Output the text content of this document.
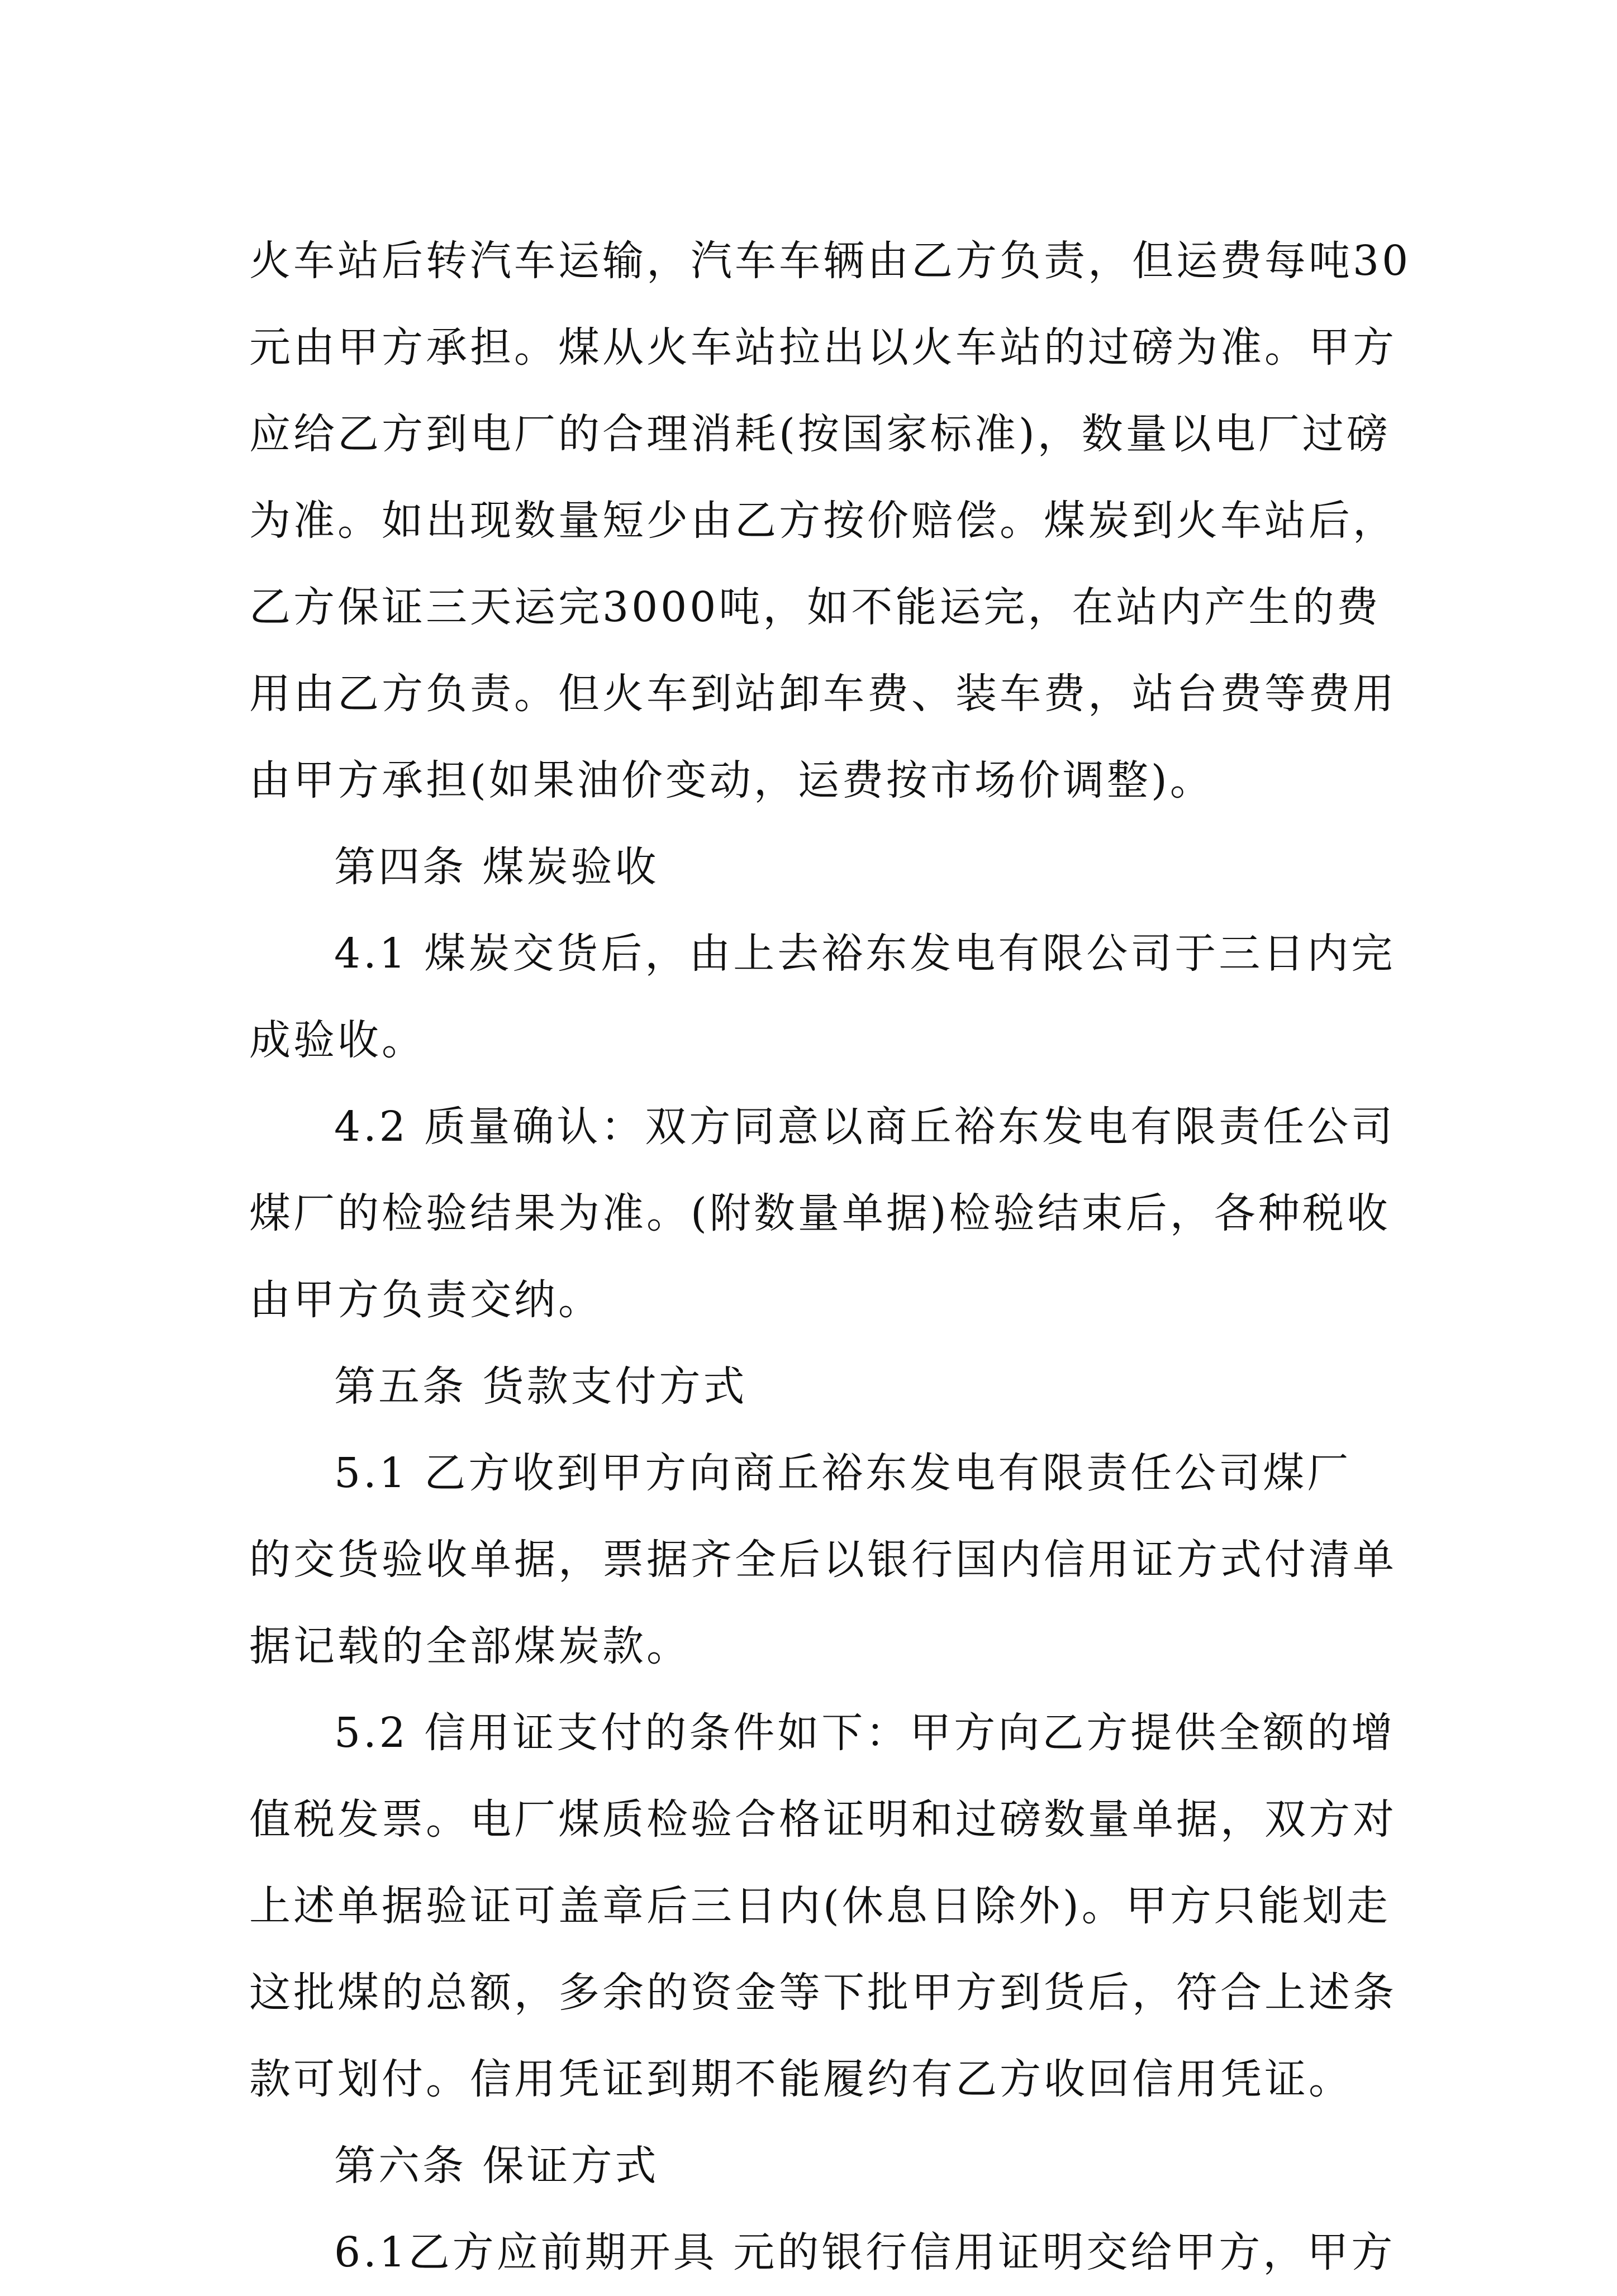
火车站后转汽车运输，汽车车辆由乙方负责，但运费每吨30
元由甲方承担。煤从火车站拉出以火车站的过磅为准。甲方
应给乙方到电厂的合理消耗(按国家标准)，数量以电厂过磅
为准。如出现数量短少由乙方按价赔偿。煤炭到火车站后，
乙方保证三天运完3000吨，如不能运完，在站内产生的费
用由乙方负责。但火车到站卸车费、装车费，站台费等费用
由甲方承担(如果油价变动，运费按市场价调整)。
第四条 煤炭验收
4.1 煤炭交货后，由上去裕东发电有限公司于三日内完
成验收。
4.2 质量确认：双方同意以商丘裕东发电有限责任公司
煤厂的检验结果为准。(附数量单据)检验结束后，各种税收
由甲方负责交纳。
第五条 货款支付方式
5.1 乙方收到甲方向商丘裕东发电有限责任公司煤厂
的交货验收单据，票据齐全后以银行国内信用证方式付清单
据记载的全部煤炭款。
5.2 信用证支付的条件如下：甲方向乙方提供全额的增
值税发票。电厂煤质检验合格证明和过磅数量单据，双方对
上述单据验证可盖章后三日内(休息日除外)。甲方只能划走
这批煤的总额，多余的资金等下批甲方到货后，符合上述条
款可划付。信用凭证到期不能履约有乙方收回信用凭证。
第六条 保证方式
6.1乙方应前期开具 元的银行信用证明交给甲方，甲方
